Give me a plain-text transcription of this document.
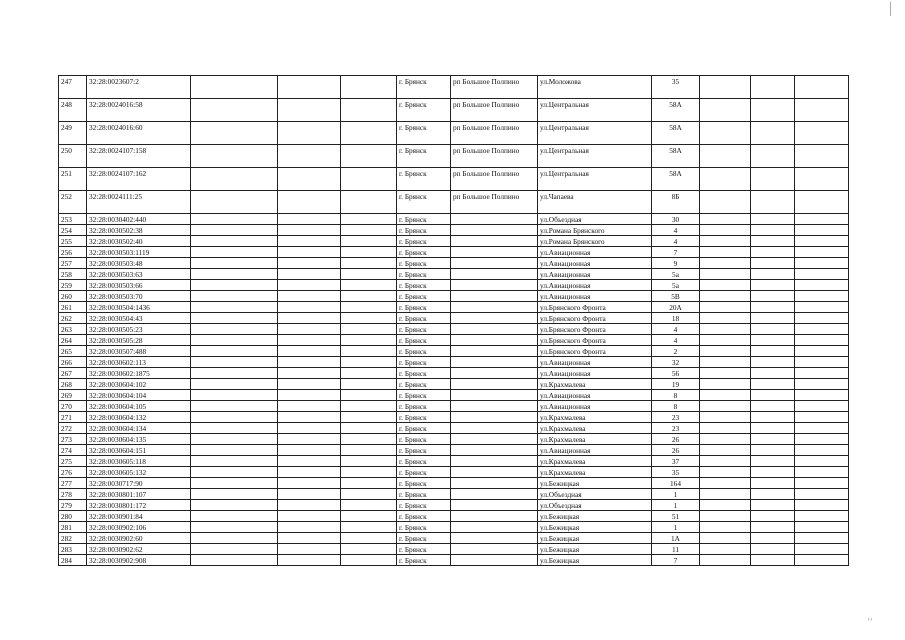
˒˒
247	32:28:0023607:2				г. Брянск	рп Большое Полпино	ул.Моложова	35			
248	32:28:0024016:58				г. Брянск	рп Большое Полпино	ул.Центральная	58А			
249	32:28:0024016:60				г. Брянск	рп Большое Полпино	ул.Центральная	58А			
250	32:28:0024107:158				г. Брянск	рп Большое Полпино	ул.Центральная	58А			
251	32:28:0024107:162				г. Брянск	рп Большое Полпино	ул.Центральная	58А			
252	32:28:0024111:25				г. Брянск	рп Большое Полпино	ул.Чапаева	8Б			
253	32:28:0030402:440				г. Брянск		ул.Объездная	30			
254	32:28:0030502:38				г. Брянск		ул.Романа Брянского	4			
255	32:28:0030502:40				г. Брянск		ул.Романа Брянского	4			
256	32:28:0030503:1119				г. Брянск		ул.Авиационная	7			
257	32:28:0030503:48				г. Брянск		ул.Авиационная	9			
258	32:28:0030503:63				г. Брянск		ул.Авиационная	5а			
259	32:28:0030503:66				г. Брянск		ул.Авиационная	5а			
260	32:28:0030503:70				г. Брянск		ул.Авиационная	5В			
261	32:28:0030504:1436				г. Брянск		ул.Брянского Фронта	20А			
262	32:28:0030504:43				г. Брянск		ул.Брянского Фронта	18			
263	32:28:0030505:23				г. Брянск		ул.Брянского Фронта	4			
264	32:28:0030505:28				г. Брянск		ул.Брянского Фронта	4			
265	32:28:0030507:488				г. Брянск		ул.Брянского Фронта	2			
266	32:28:0030602:113				г. Брянск		ул.Авиационная	32			
267	32:28:0030602:1875				г. Брянск		ул.Авиационная	56			
268	32:28:0030604:102				г. Брянск		ул.Крахмалева	19			
269	32:28:0030604:104				г. Брянск		ул.Авиационная	8			
270	32:28:0030604:105				г. Брянск		ул.Авиационная	8			
271	32:28:0030604:132				г. Брянск		ул.Крахмалева	23			
272	32:28:0030604:134				г. Брянск		ул.Крахмалева	23			
273	32:28:0030604:135				г. Брянск		ул.Крахмалева	26			
274	32:28:0030604:151				г. Брянск		ул.Авиационная	26			
275	32:28:0030605:118				г. Брянск		ул.Крахмалева	37			
276	32:28:0030605:132				г. Брянск		ул.Крахмалева	35			
277	32:28:0030717:90				г. Брянск		ул.Бежицкая	164			
278	32:28:0030801:107				г. Брянск		ул.Объездная	1			
279	32:28:0030801:172				г. Брянск		ул.Объездная	1			
280	32:28:0030901:84				г. Брянск		ул.Бежицкая	51			
281	32:28:0030902:106				г. Брянск		ул.Бежицкая	1			
282	32:28:0030902:60				г. Брянск		ул.Бежицкая	1А			
283	32:28:0030902:62				г. Брянск		ул.Бежицкая	11			
284	32:28:0030902:908				г. Брянск		ул.Бежицкая	7			
